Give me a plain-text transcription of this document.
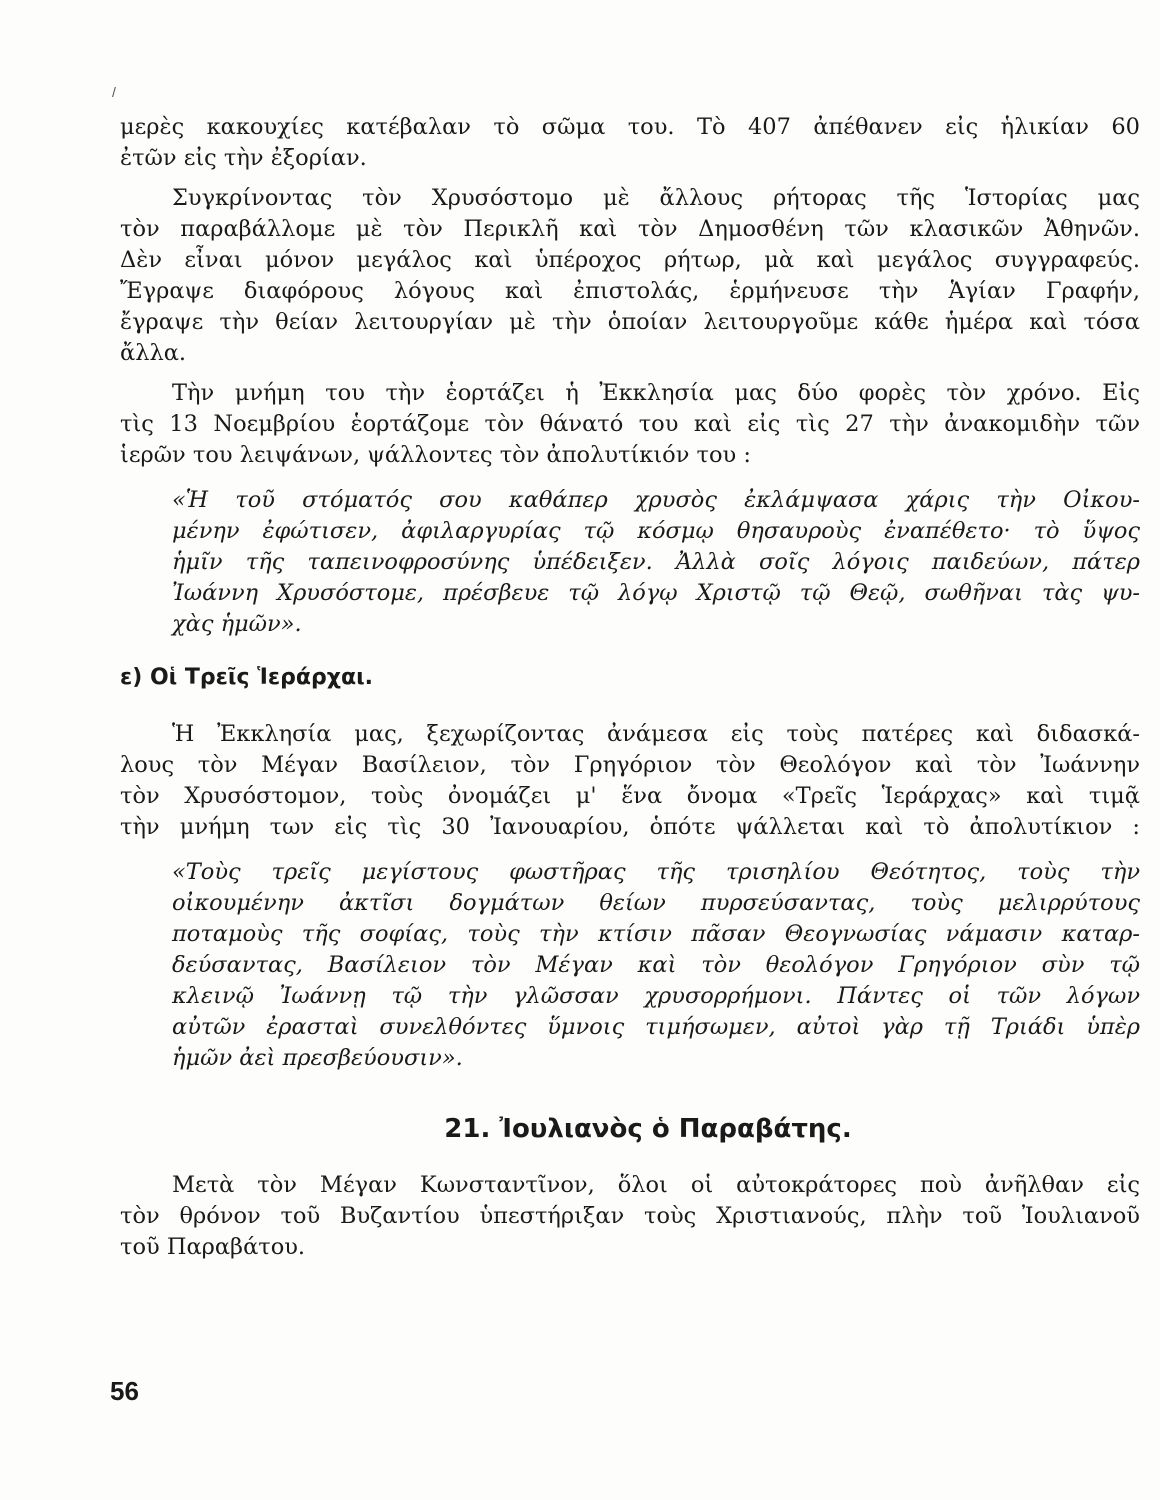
/
μερὲς κακουχίες κατέβαλαν τὸ σῶμα του. Τὸ 407 ἀπέθανεν εἰς ἡλικίαν 60
ἐτῶν εἰς τὴν ἐξορίαν.
Συγκρίνοντας τὸν Χρυσόστομο μὲ ἄλλους ρήτορας τῆς Ἱστορίας μας
τὸν παραβάλλομε μὲ τὸν Περικλῆ καὶ τὸν Δημοσθένη τῶν κλασικῶν Ἀθηνῶν.
Δὲν εἶναι μόνον μεγάλος καὶ ὑπέροχος ρήτωρ, μὰ καὶ μεγάλος συγγραφεύς.
Ἔγραψε διαφόρους λόγους καὶ ἐπιστολάς, ἑρμήνευσε τὴν Ἁγίαν Γραφήν,
ἔγραψε τὴν θείαν λειτουργίαν μὲ τὴν ὁποίαν λειτουργοῦμε κάθε ἡμέρα καὶ τόσα
ἄλλα.
Τὴν μνήμη του τὴν ἑορτάζει ἡ Ἐκκλησία μας δύο φορὲς τὸν χρόνο. Εἰς
τὶς 13 Νοεμβρίου ἑορτάζομε τὸν θάνατό του καὶ εἰς τὶς 27 τὴν ἀνακομιδὴν τῶν
ἱερῶν του λειψάνων, ψάλλοντες τὸν ἀπολυτίκιόν του :
«Ἡ τοῦ στόματός σου καθάπερ χρυσὸς ἐκλάμψασα χάρις τὴν Οἰκου-
μένην ἐφώτισεν, ἀφιλαργυρίας τῷ κόσμῳ θησαυροὺς ἐναπέθετο· τὸ ὕψος
ἡμῖν τῆς ταπεινοφροσύνης ὑπέδειξεν. Ἀλλὰ σοῖς λόγοις παιδεύων, πάτερ
Ἰωάννη Χρυσόστομε, πρέσβευε τῷ λόγῳ Χριστῷ τῷ Θεῷ, σωθῆναι τὰς ψυ-
χὰς ἡμῶν».
ε) Οἱ Τρεῖς Ἱεράρχαι.
Ἡ Ἐκκλησία μας, ξεχωρίζοντας ἀνάμεσα εἰς τοὺς πατέρες καὶ διδασκά-
λους τὸν Μέγαν Βασίλειον, τὸν Γρηγόριον τὸν Θεολόγον καὶ τὸν Ἰωάννην
τὸν Χρυσόστομον, τοὺς ὀνομάζει μ' ἕνα ὄνομα «Τρεῖς Ἱεράρχας» καὶ τιμᾷ
τὴν μνήμη των εἰς τὶς 30 Ἰανουαρίου, ὁπότε ψάλλεται καὶ τὸ ἀπολυτίκιον :
«Τοὺς τρεῖς μεγίστους φωστῆρας τῆς τρισηλίου Θεότητος, τοὺς τὴν
οἰκουμένην ἀκτῖσι δογμάτων θείων πυρσεύσαντας, τοὺς μελιρρύτους
ποταμοὺς τῆς σοφίας, τοὺς τὴν κτίσιν πᾶσαν Θεογνωσίας νάμασιν καταρ-
δεύσαντας, Βασίλειον τὸν Μέγαν καὶ τὸν θεολόγον Γρηγόριον σὺν τῷ
κλεινῷ Ἰωάννῃ τῷ τὴν γλῶσσαν χρυσορρήμονι. Πάντες οἱ τῶν λόγων
αὐτῶν ἐρασταὶ συνελθόντες ὕμνοις τιμήσωμεν, αὐτοὶ γὰρ τῇ Τριάδι ὑπὲρ
ἡμῶν ἀεὶ πρεσβεύουσιν».
21. Ἰουλιανὸς ὁ Παραβάτης.
Μετὰ τὸν Μέγαν Κωνσταντῖνον, ὅλοι οἱ αὐτοκράτορες ποὺ ἀνῆλθαν εἰς
τὸν θρόνον τοῦ Βυζαντίου ὑπεστήριξαν τοὺς Χριστιανούς, πλὴν τοῦ Ἰουλιανοῦ
τοῦ Παραβάτου.
56
